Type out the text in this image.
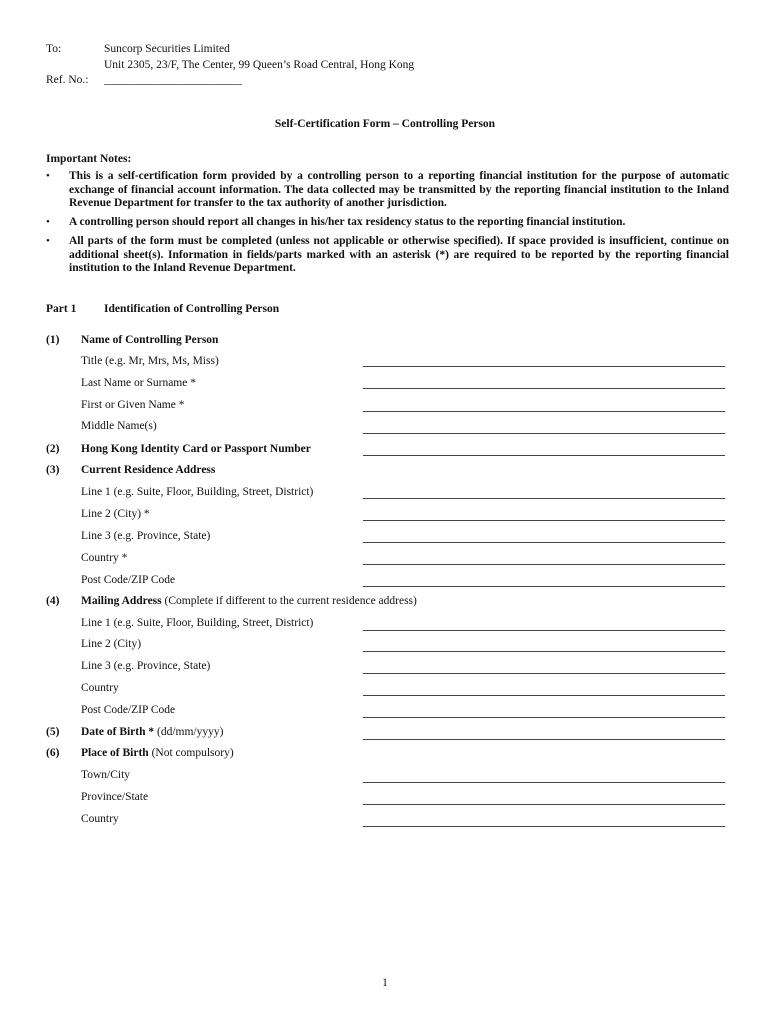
To:	Suncorp Securities Limited
Unit 2305, 23/F, The Center, 99 Queen’s Road Central, Hong Kong
Ref. No.: ________________________
Self-Certification Form – Controlling Person
Important Notes:
• This is a self-certification form provided by a controlling person to a reporting financial institution for the purpose of automatic exchange of financial account information. The data collected may be transmitted by the reporting financial institution to the Inland Revenue Department for transfer to the tax authority of another jurisdiction.
• A controlling person should report all changes in his/her tax residency status to the reporting financial institution.
• All parts of the form must be completed (unless not applicable or otherwise specified). If space provided is insufficient, continue on additional sheet(s). Information in fields/parts marked with an asterisk (*) are required to be reported by the reporting financial institution to the Inland Revenue Department.
Part 1 Identification of Controlling Person
(1) Name of Controlling Person
Title (e.g. Mr, Mrs, Ms, Miss)
Last Name or Surname *
First or Given Name *
Middle Name(s)
(2) Hong Kong Identity Card or Passport Number
(3) Current Residence Address
Line 1 (e.g. Suite, Floor, Building, Street, District)
Line 2 (City) *
Line 3 (e.g. Province, State)
Country *
Post Code/ZIP Code
(4) Mailing Address (Complete if different to the current residence address)
Line 1 (e.g. Suite, Floor, Building, Street, District)
Line 2 (City)
Line 3 (e.g. Province, State)
Country
Post Code/ZIP Code
(5) Date of Birth * (dd/mm/yyyy)
(6) Place of Birth (Not compulsory)
Town/City
Province/State
Country
1
